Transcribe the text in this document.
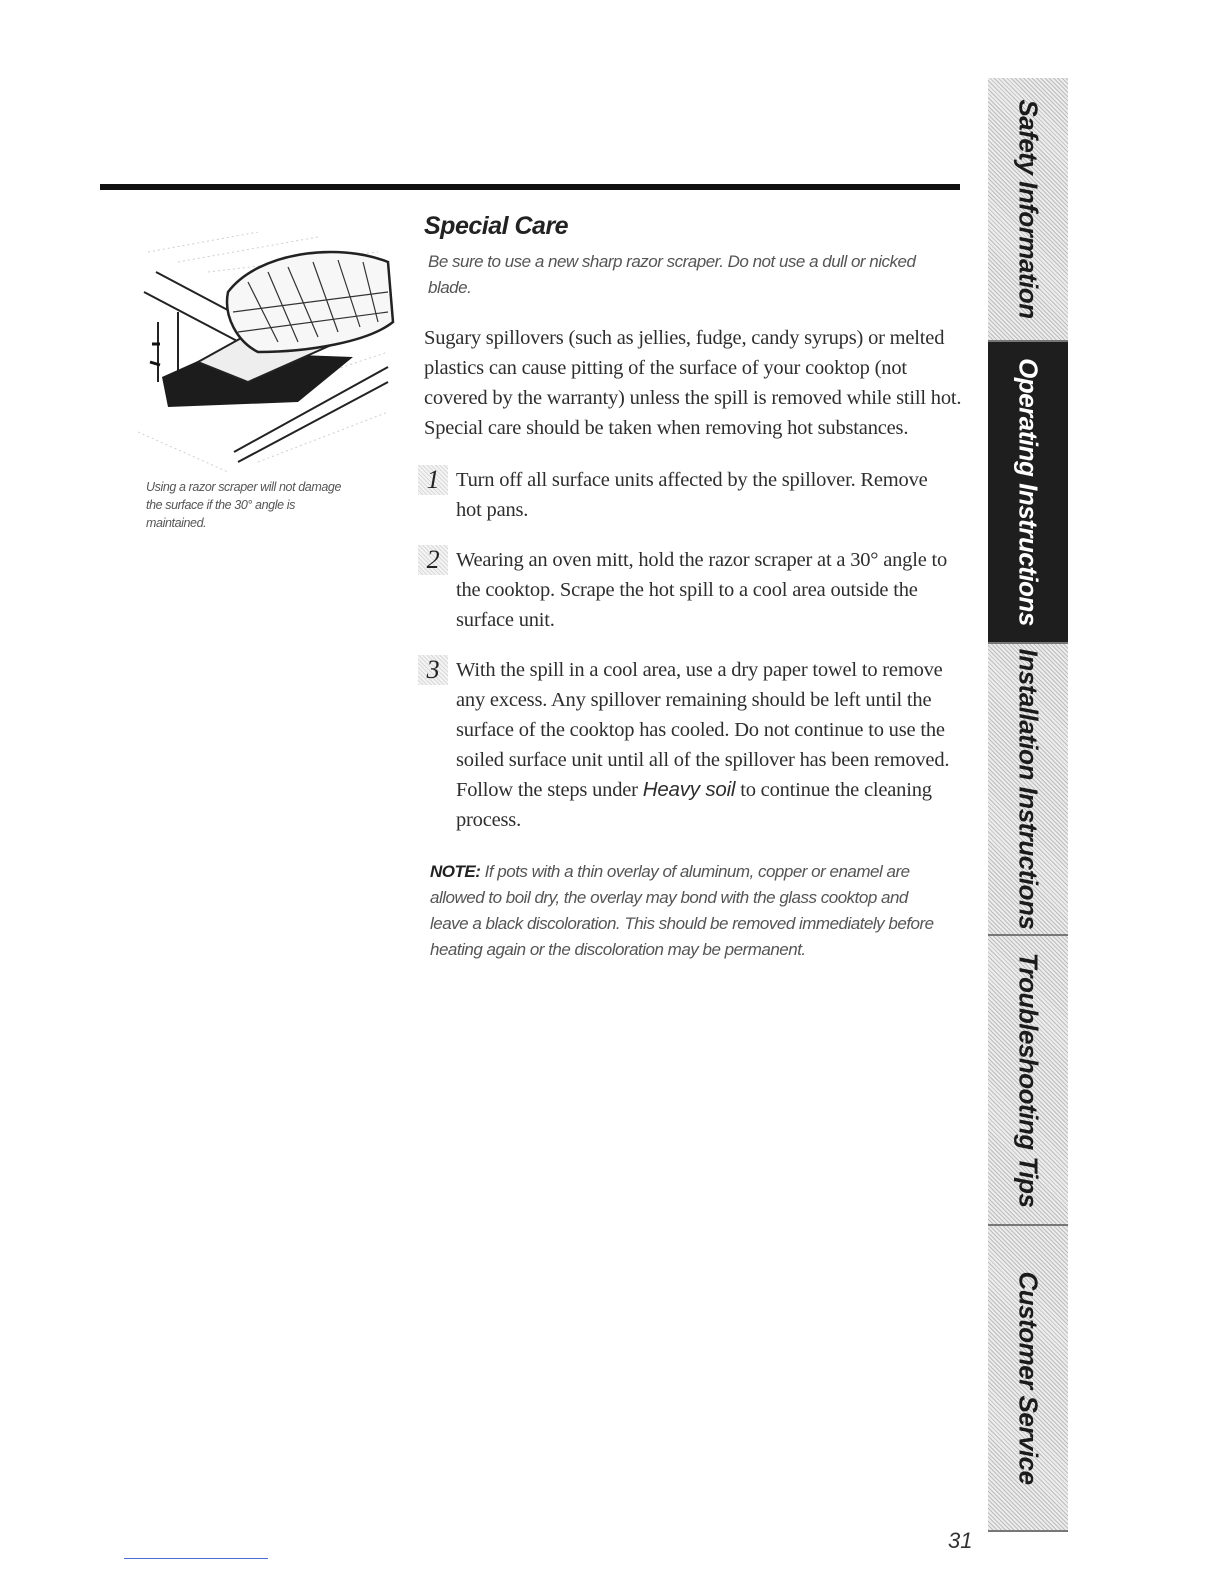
Using a razor scraper will not damage the surface if the 30° angle is maintained.
Special Care
Be sure to use a new sharp razor scraper. Do not use a dull or nicked blade.
Sugary spillovers (such as jellies, fudge, candy syrups) or melted plastics can cause pitting of the surface of your cooktop (not covered by the warranty) unless the spill is removed while still hot. Special care should be taken when removing hot substances.
1 Turn off all surface units affected by the spillover. Remove hot pans.
2 Wearing an oven mitt, hold the razor scraper at a 30° angle to the cooktop. Scrape the hot spill to a cool area outside the surface unit.
3 With the spill in a cool area, use a dry paper towel to remove any excess. Any spillover remaining should be left until the surface of the cooktop has cooled. Do not continue to use the soiled surface unit until all of the spillover has been removed. Follow the steps under Heavy soil to continue the cleaning process.
NOTE: If pots with a thin overlay of aluminum, copper or enamel are allowed to boil dry, the overlay may bond with the glass cooktop and leave a black discoloration. This should be removed immediately before heating again or the discoloration may be permanent.
31
Safety Information
Operating Instructions
Installation Instructions
Troubleshooting Tips
Customer Service
